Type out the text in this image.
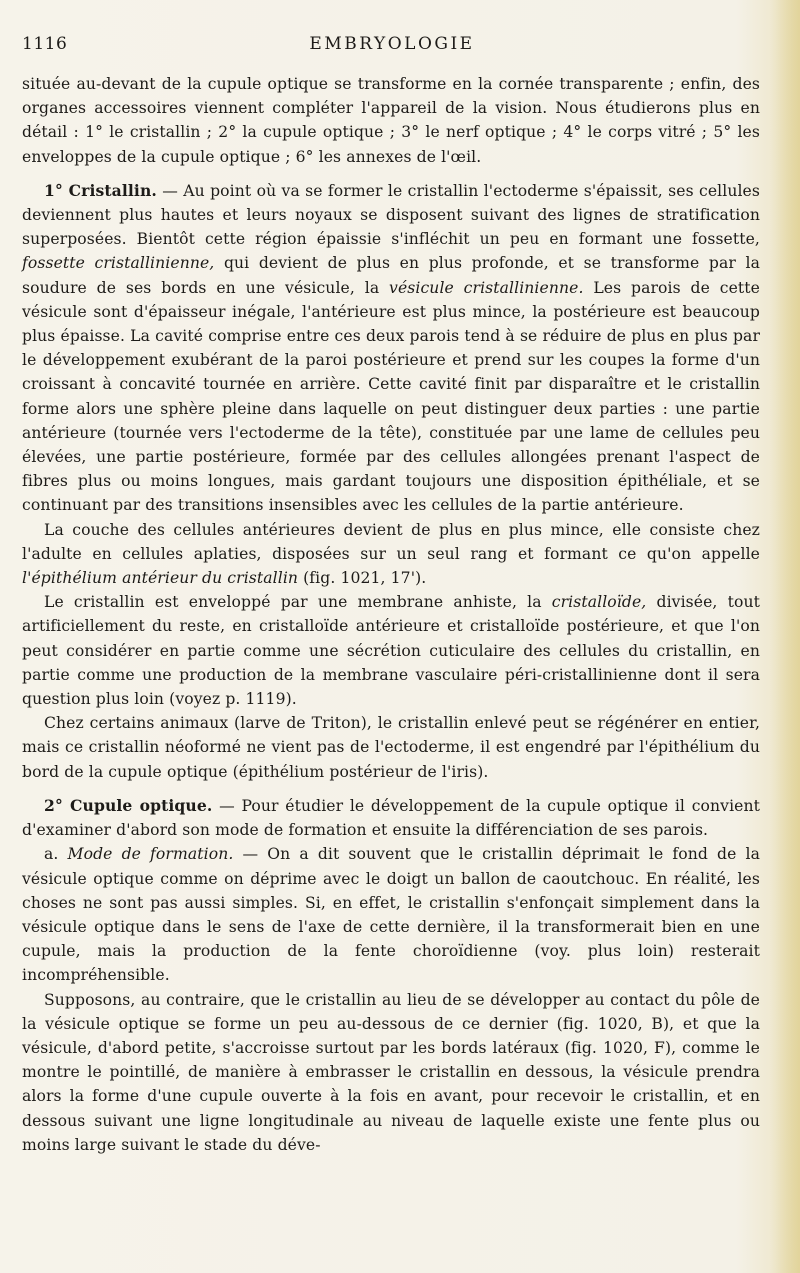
1116	EMBRYOLOGIE

située au-devant de la cupule optique se transforme en la cornée transparente ; enfin, des organes accessoires viennent compléter l'appareil de la vision. Nous étudierons plus en détail : 1° le cristallin ; 2° la cupule optique ; 3° le nerf optique ; 4° le corps vitré ; 5° les enveloppes de la cupule optique ; 6° les annexes de l'œil.

1° Cristallin. — Au point où va se former le cristallin l'ectoderme s'épaissit, ses cellules deviennent plus hautes et leurs noyaux se disposent suivant des lignes de stratification superposées. Bientôt cette région épaissie s'infléchit un peu en formant une fossette, fossette cristallinienne, qui devient de plus en plus profonde, et se transforme par la soudure de ses bords en une vésicule, la vésicule cristallinienne. Les parois de cette vésicule sont d'épaisseur inégale, l'antérieure est plus mince, la postérieure est beaucoup plus épaisse. La cavité comprise entre ces deux parois tend à se réduire de plus en plus par le développement exubérant de la paroi postérieure et prend sur les coupes la forme d'un croissant à concavité tournée en arrière. Cette cavité finit par disparaître et le cristallin forme alors une sphère pleine dans laquelle on peut distinguer deux parties : une partie antérieure (tournée vers l'ectoderme de la tête), constituée par une lame de cellules peu élevées, une partie postérieure, formée par des cellules allongées prenant l'aspect de fibres plus ou moins longues, mais gardant toujours une disposition épithéliale, et se continuant par des transitions insensibles avec les cellules de la partie antérieure.

La couche des cellules antérieures devient de plus en plus mince, elle consiste chez l'adulte en cellules aplaties, disposées sur un seul rang et formant ce qu'on appelle l'épithélium antérieur du cristallin (fig. 1021, 17').

Le cristallin est enveloppé par une membrane anhiste, la cristalloïde, divisée, tout artificiellement du reste, en cristalloïde antérieure et cristalloïde postérieure, et que l'on peut considérer en partie comme une sécrétion cuticulaire des cellules du cristallin, en partie comme une production de la membrane vasculaire péri-cristallinienne dont il sera question plus loin (voyez p. 1119).

Chez certains animaux (larve de Triton), le cristallin enlevé peut se régénérer en entier, mais ce cristallin néoformé ne vient pas de l'ectoderme, il est engendré par l'épithélium du bord de la cupule optique (épithélium postérieur de l'iris).

2° Cupule optique. — Pour étudier le développement de la cupule optique il convient d'examiner d'abord son mode de formation et ensuite la différenciation de ses parois.

a. Mode de formation. — On a dit souvent que le cristallin déprimait le fond de la vésicule optique comme on déprime avec le doigt un ballon de caoutchouc. En réalité, les choses ne sont pas aussi simples. Si, en effet, le cristallin s'enfonçait simplement dans la vésicule optique dans le sens de l'axe de cette dernière, il la transformerait bien en une cupule, mais la production de la fente choroïdienne (voy. plus loin) resterait incompréhensible.

Supposons, au contraire, que le cristallin au lieu de se développer au contact du pôle de la vésicule optique se forme un peu au-dessous de ce dernier (fig. 1020, B), et que la vésicule, d'abord petite, s'accroisse surtout par les bords latéraux (fig. 1020, F), comme le montre le pointillé, de manière à embrasser le cristallin en dessous, la vésicule prendra alors la forme d'une cupule ouverte à la fois en avant, pour recevoir le cristallin, et en dessous suivant une ligne longitudinale au niveau de laquelle existe une fente plus ou moins large suivant le stade du déve-
